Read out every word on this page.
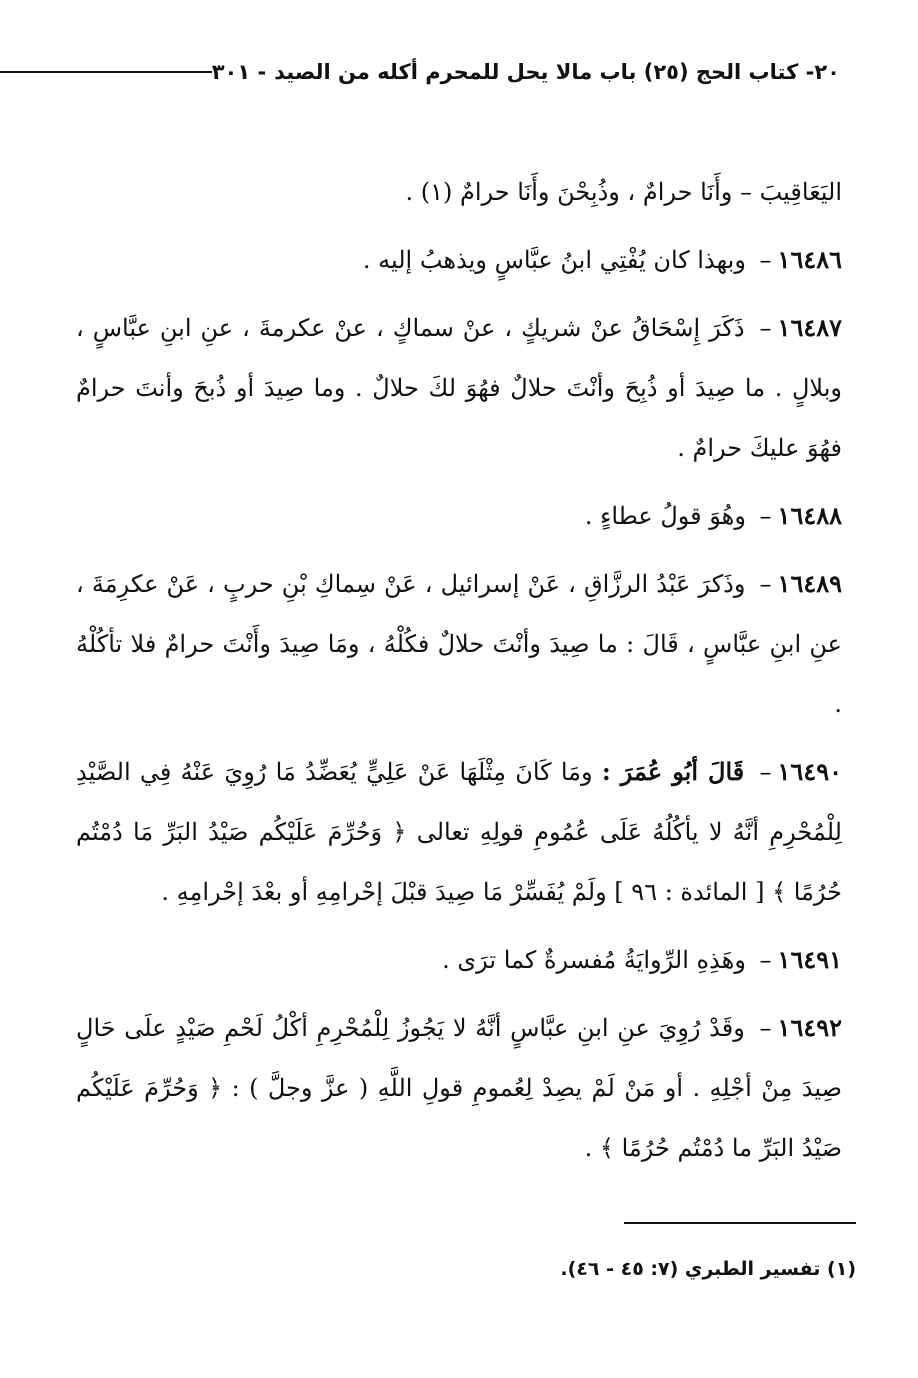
٢٠- كتاب الحج (٢٥) باب مالا يحل للمحرم أكله من الصيد
- ٣٠١

اليَعَاقِيبَ – وأَنَا حرامٌ ، وذُبِحْنَ وأَنَا حرامٌ (١) .

١٦٤٨٦– وبهذا كان يُفْتِي ابنُ عبَّاسٍ ويذهبُ إليه .

١٦٤٨٧– ذَكَرَ إِسْحَاقُ عنْ شريكٍ ، عنْ سماكٍ ، عنْ عكرمةَ ، عنِ ابنِ عبَّاسٍ ، وبلالٍ . ما صِيدَ أو ذُبِحَ وأنْتَ حلالٌ فهُوَ لكَ حلالٌ . وما صِيدَ أو ذُبحَ وأنتَ حرامٌ فهُوَ عليكَ حرامٌ .

١٦٤٨٨– وهُوَ قولُ عطاءٍ .

١٦٤٨٩– وذَكرَ عَبْدُ الرزَّاقِ ، عَنْ إسرائيل ، عَنْ سِماكِ بْنِ حربٍ ، عَنْ عكرِمَةَ ، عنِ ابنِ عبَّاسٍ ، قَالَ : ما صِيدَ وأنْتَ حلالٌ فكُلْهُ ، ومَا صِيدَ وأَنْتَ حرامٌ فلا تأكُلْهُ .

١٦٤٩٠– قَالَ أبُو عُمَرَ : ومَا كَانَ مِثْلَهَا عَنْ عَلِيٍّ يُعَضِّدُ مَا رُوِيَ عَنْهُ فِي الصَّيْدِ لِلْمُحْرِمِ أنَّهُ لا يأكُلُهُ عَلَى عُمُومِ قولِهِ تعالى ﴿ وَحُرِّمَ عَلَيْكُم صَيْدُ البَرِّ مَا دُمْتُم حُرُمًا ﴾ [ المائدة : ٩٦ ] ولَمْ يُفَسِّرْ مَا صِيدَ قبْلَ إحْرامِهِ أو بعْدَ إحْرامِهِ .

١٦٤٩١– وهَذِهِ الرِّوايَةُ مُفسرةٌ كما ترَى .

١٦٤٩٢– وقَدْ رُوِيَ عنِ ابنِ عبَّاسٍ أنَّهُ لا يَجُوزُ لِلْمُحْرِمِ أكْلُ لَحْمِ صَيْدٍ علَى حَالٍ صِيدَ مِنْ أجْلِهِ . أو مَنْ لَمْ يصِدْ لِعُمومِ قولِ اللَّهِ ( عزَّ وجلَّ ) : ﴿ وَحُرِّمَ عَلَيْكُم صَيْدُ البَرِّ ما دُمْتُم حُرُمًا ﴾ .

(١) تفسير الطبري (٧: ٤٥ - ٤٦).
